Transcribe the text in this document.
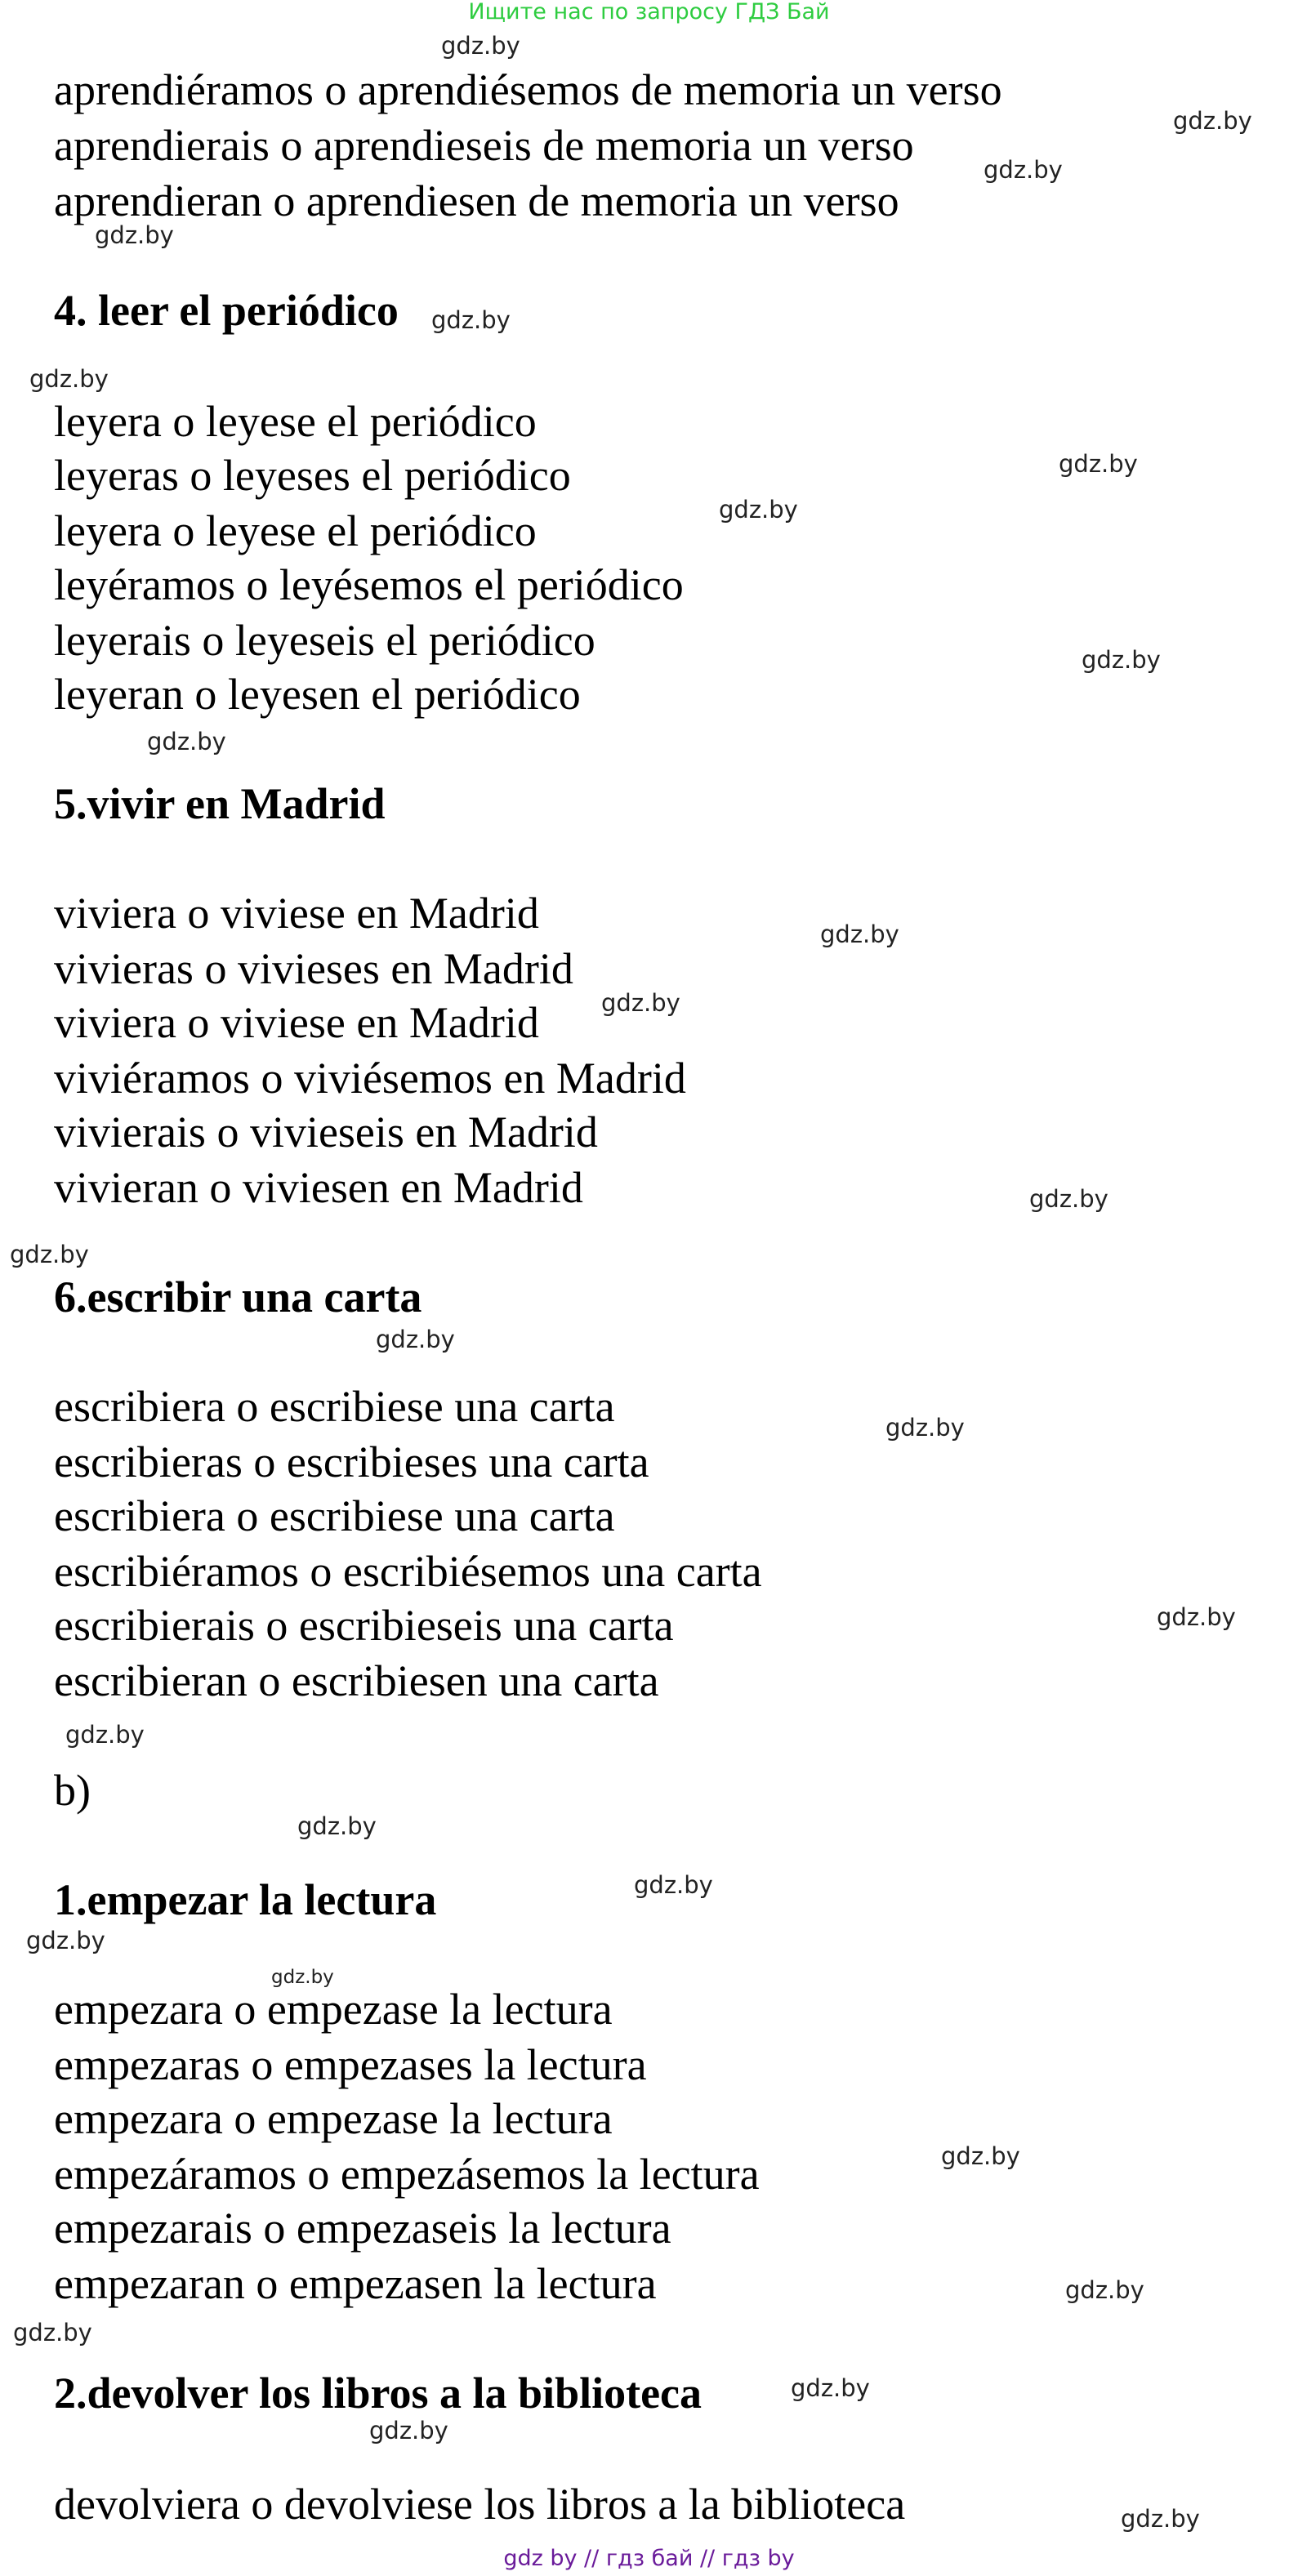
Ищите нас по запросу ГДЗ Бай
aprendiéramos o aprendiésemos de memoria un verso
aprendierais o aprendieseis de memoria un verso
aprendieran o aprendiesen de memoria un verso
4. leer el periódico
leyera o leyese el periódico
leyeras o leyeses el periódico
leyera o leyese el periódico
leyéramos o leyésemos el periódico
leyerais o leyeseis el periódico
leyeran o leyesen el periódico
5.vivir en Madrid
viviera o viviese en Madrid
vivieras o vivieses en Madrid
viviera o viviese en Madrid
viviéramos o viviésemos en Madrid
vivierais o vivieseis en Madrid
vivieran o viviesen en Madrid
6.escribir una carta
escribiera o escribiese una carta
escribieras o escribieses una carta
escribiera o escribiese una carta
escribiéramos o escribiésemos una carta
escribierais o escribieseis una carta
escribieran o escribiesen una carta
b)
1.empezar la lectura
empezara o empezase la lectura
empezaras o empezases la lectura
empezara o empezase la lectura
empezáramos o empezásemos la lectura
empezarais o empezaseis la lectura
empezaran o empezasen la lectura
2.devolver los libros a la biblioteca
devolviera o devolviese los libros a la biblioteca
gdz.by
gdz.by
gdz.by
gdz.by
gdz.by
gdz.by
gdz.by
gdz.by
gdz.by
gdz.by
gdz.by
gdz.by
gdz.by
gdz.by
gdz.by
gdz.by
gdz.by
gdz.by
gdz.by
gdz.by
gdz.by
gdz.by
gdz.by
gdz.by
gdz.by
gdz.by
gdz.by
gdz.by
gdz by // гдз бай // гдз by
